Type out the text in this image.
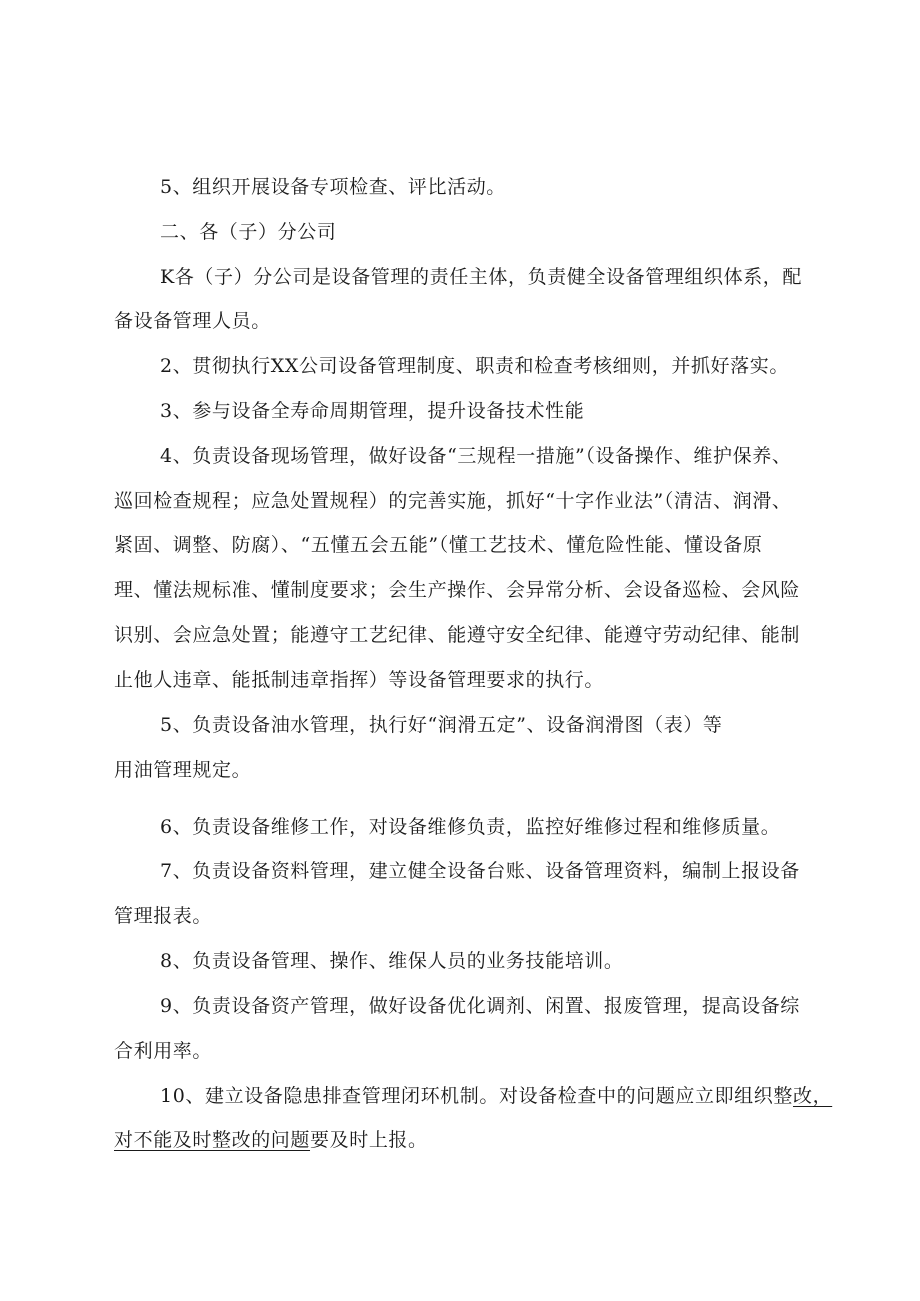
5、组织开展设备专项检查、评比活动。
二、各（子）分公司
K各（子）分公司是设备管理的责任主体，负责健全设备管理组织体系，配
备设备管理人员。
2、贯彻执行XX公司设备管理制度、职责和检查考核细则，并抓好落实。
3、参与设备全寿命周期管理，提升设备技术性能
4、负责设备现场管理，做好设备“三规程一措施”（设备操作、维护保养、
巡回检查规程；应急处置规程）的完善实施，抓好“十字作业法”（清洁、润滑、
紧固、调整、防腐）、“五懂五会五能”（懂工艺技术、懂危险性能、懂设备原
理、懂法规标准、懂制度要求；会生产操作、会异常分析、会设备巡检、会风险
识别、会应急处置；能遵守工艺纪律、能遵守安全纪律、能遵守劳动纪律、能制
止他人违章、能抵制违章指挥）等设备管理要求的执行。
5、负责设备油水管理，执行好“润滑五定”、设备润滑图（表）等
用油管理规定。
6、负责设备维修工作，对设备维修负责，监控好维修过程和维修质量。
7、负责设备资料管理，建立健全设备台账、设备管理资料，编制上报设备
管理报表。
8、负责设备管理、操作、维保人员的业务技能培训。
9、负责设备资产管理，做好设备优化调剂、闲置、报废管理，提高设备综
合利用率。
10、建立设备隐患排查管理闭环机制。对设备检查中的问题应立即组织整改，
对不能及时整改的问题要及时上报。
